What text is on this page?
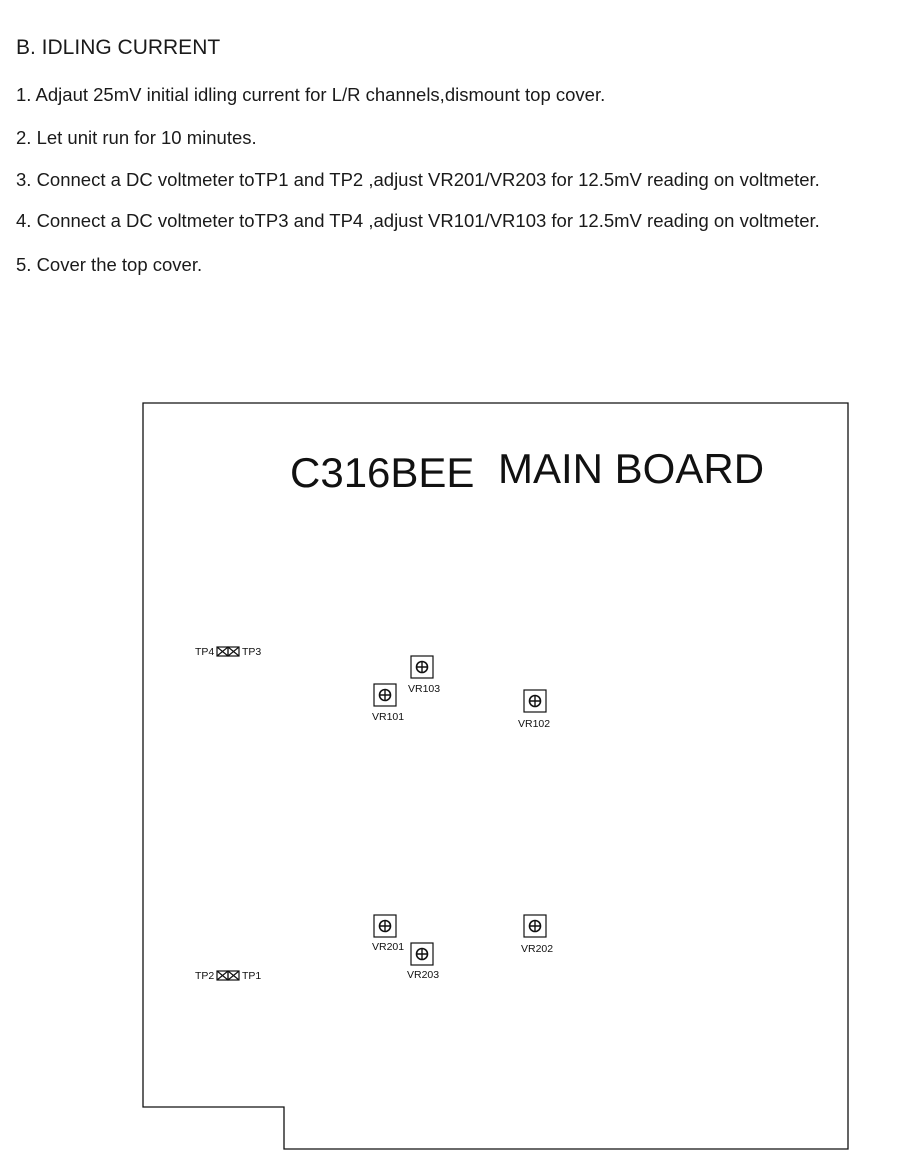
B. IDLING CURRENT
1. Adjaut 25mV initial idling current for L/R channels,dismount top cover.
2. Let unit run for 10 minutes.
3. Connect a DC voltmeter toTP1 and TP2 ,adjust VR201/VR203 for 12.5mV reading on voltmeter.
4. Connect a DC voltmeter toTP3 and TP4 ,adjust VR101/VR103 for 12.5mV reading on voltmeter.
5. Cover the top cover.
C316BEE MAIN BOARD
TP4	TP3
TP2	TP1
VR103
VR101
VR102
VR201	VR202
VR203
